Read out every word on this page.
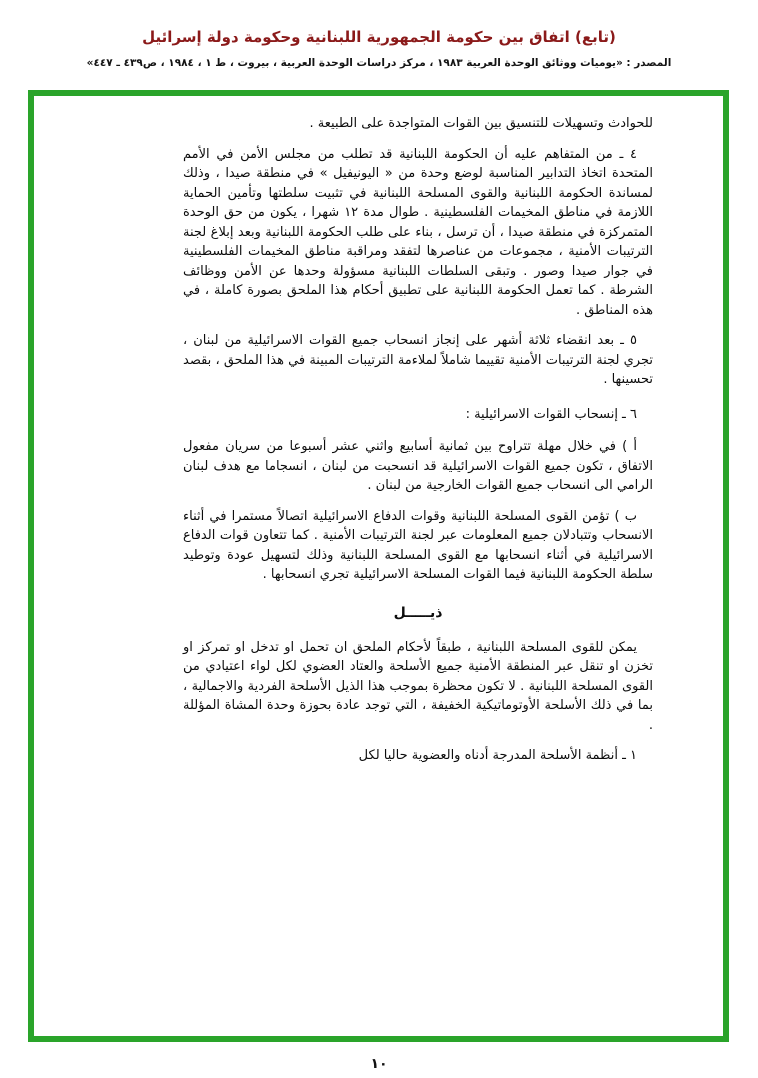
(تابع) اتفاق بين حكومة الجمهورية اللبنانية وحكومة دولة إسرائيل
المصدر : «يوميات ووثائق الوحدة العربية ١٩٨٣ ، مركز دراسات الوحدة العربية ، بيروت ، ط ١ ، ١٩٨٤ ، ص٤٣٩ ـ ٤٤٧»

للحوادث وتسهيلات للتنسيق بين القوات المتواجدة على الطبيعة .

٤ ـ من المتفاهم عليه أن الحكومة اللبنانية قد تطلب من مجلس الأمن في الأمم المتحدة اتخاذ التدابير المناسبة لوضع وحدة من « اليونيفيل » في منطقة صيدا ، وذلك لمساندة الحكومة اللبنانية والقوى المسلحة اللبنانية في تثبيت سلطتها وتأمين الحماية اللازمة في مناطق المخيمات الفلسطينية . طوال مدة ١٢ شهرا ، يكون من حق الوحدة المتمركزة في منطقة صيدا ، أن ترسل ، بناء على طلب الحكومة اللبنانية وبعد إبلاغ لجنة الترتيبات الأمنية ، مجموعات من عناصرها لتفقد ومراقبة مناطق المخيمات الفلسطينية في جوار صيدا وصور . وتبقى السلطات اللبنانية مسؤولة وحدها عن الأمن ووظائف الشرطة . كما تعمل الحكومة اللبنانية على تطبيق أحكام هذا الملحق بصورة كاملة ، في هذه المناطق .

٥ ـ بعد انقضاء ثلاثة أشهر على إنجاز انسحاب جميع القوات الاسرائيلية من لبنان ، تجري لجنة الترتيبات الأمنية تقييما شاملاً لملاءمة الترتيبات المبينة في هذا الملحق ، بقصد تحسينها .

٦ ـ إنسحاب القوات الاسرائيلية :

أ ) في خلال مهلة تتراوح بين ثمانية أسابيع واثني عشر أسبوعا من سريان مفعول الاتفاق ، تكون جميع القوات الاسرائيلية قد انسحبت من لبنان ، انسجاما مع هدف لبنان الرامي الى انسحاب جميع القوات الخارجية من لبنان .

ب ) تؤمن القوى المسلحة اللبنانية وقوات الدفاع الاسرائيلية اتصالاً مستمرا في أثناء الانسحاب وتتبادلان جميع المعلومات عبر لجنة الترتيبات الأمنية . كما تتعاون قوات الدفاع الاسرائيلية في أثناء انسحابها مع القوى المسلحة اللبنانية وذلك لتسهيل عودة وتوطيد سلطة الحكومة اللبنانية فيما القوات المسلحة الاسرائيلية تجري انسحابها .

ذيـــــل

يمكن للقوى المسلحة اللبنانية ، طبقاً لأحكام الملحق ان تحمل او تدخل او تمركز او تخزن او تنقل عبر المنطقة الأمنية جميع الأسلحة والعتاد العضوي لكل لواء اعتيادي من القوى المسلحة اللبنانية . لا تكون محظرة بموجب هذا الذيل الأسلحة الفردية والاجمالية ، بما في ذلك الأسلحة الأوتوماتيكية الخفيفة ، التي توجد عادة بحوزة وحدة المشاة المؤللة .

١ ـ أنظمة الأسلحة المدرجة أدناه والعضوية حاليا لكل

١٠
